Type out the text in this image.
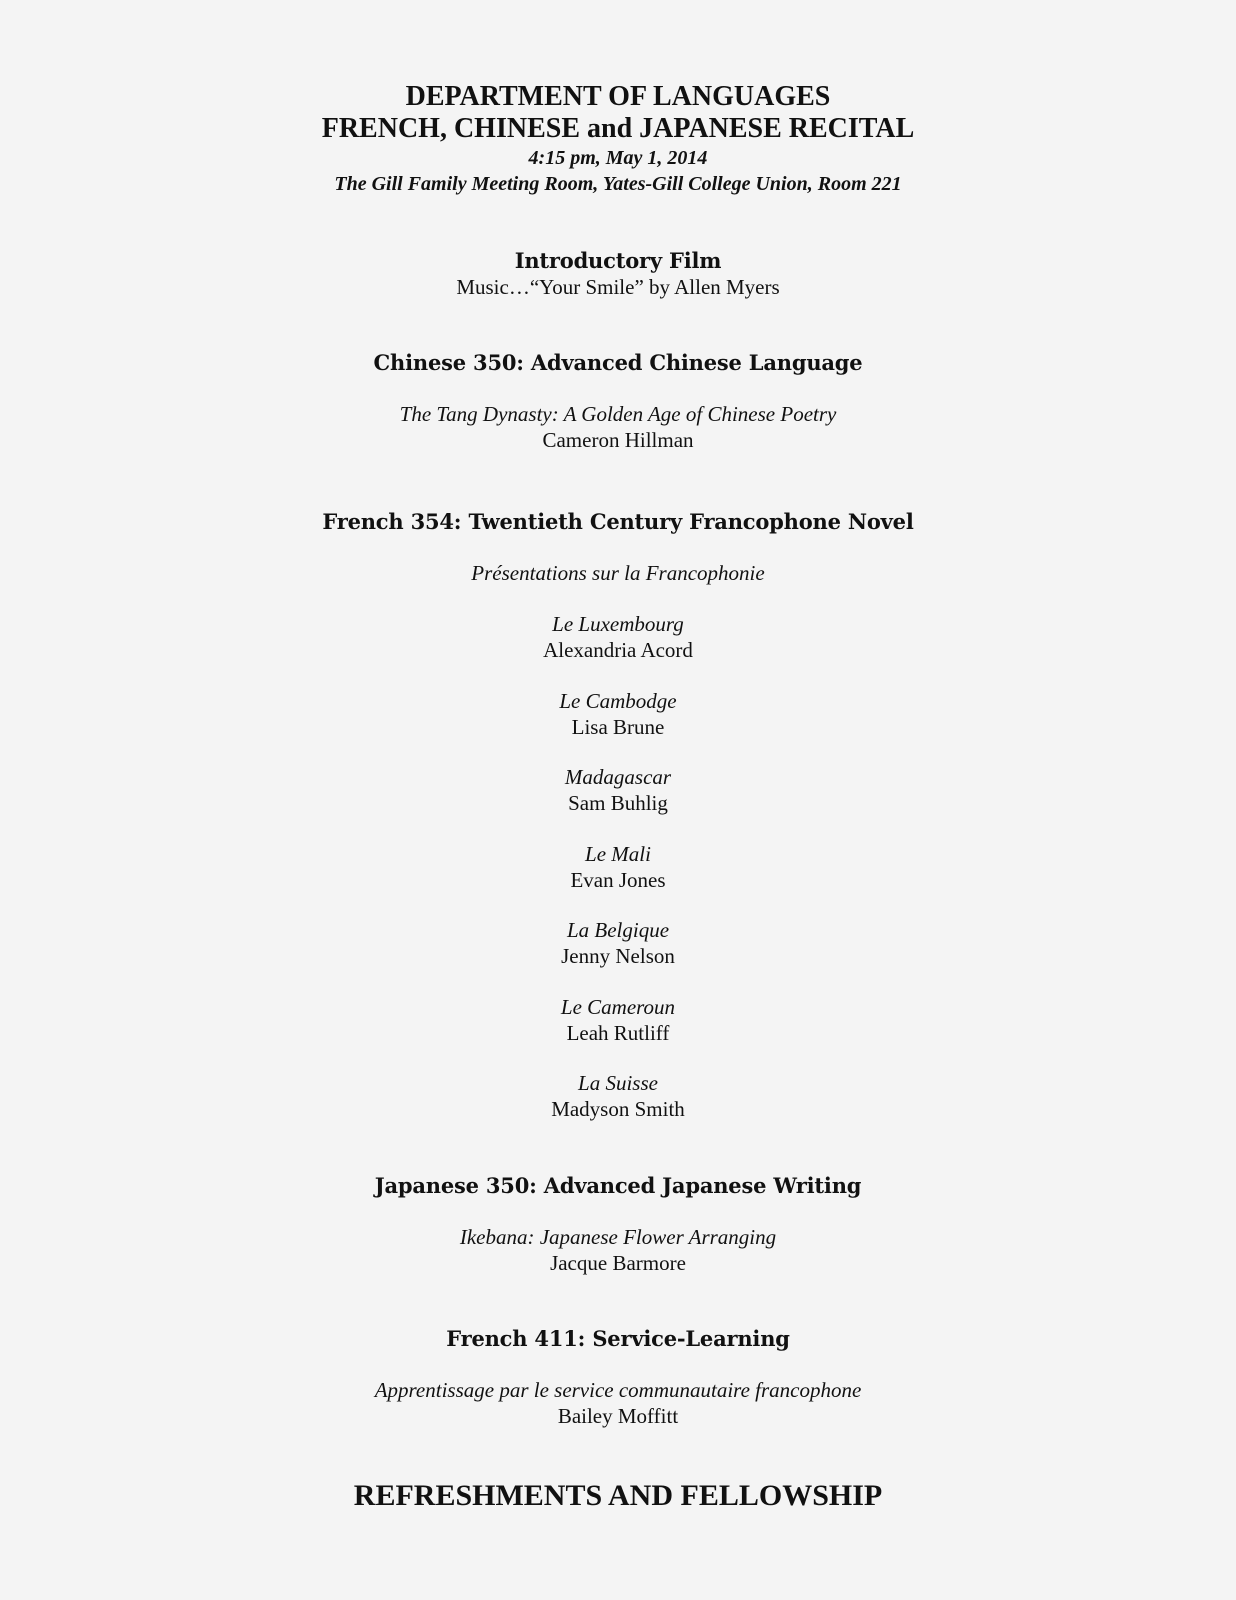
DEPARTMENT OF LANGUAGES
FRENCH, CHINESE and JAPANESE RECITAL
4:15 pm, May 1, 2014
The Gill Family Meeting Room, Yates-Gill College Union, Room 221
Introductory Film
Music…“Your Smile” by Allen Myers
Chinese 350: Advanced Chinese Language
The Tang Dynasty: A Golden Age of Chinese Poetry
Cameron Hillman
French 354: Twentieth Century Francophone Novel
Présentations sur la Francophonie
Le Luxembourg
Alexandria Acord
Le Cambodge
Lisa Brune
Madagascar
Sam Buhlig
Le Mali
Evan Jones
La Belgique
Jenny Nelson
Le Cameroun
Leah Rutliff
La Suisse
Madyson Smith
Japanese 350: Advanced Japanese Writing
Ikebana: Japanese Flower Arranging
Jacque Barmore
French 411: Service-Learning
Apprentissage par le service communautaire francophone
Bailey Moffitt
REFRESHMENTS AND FELLOWSHIP
